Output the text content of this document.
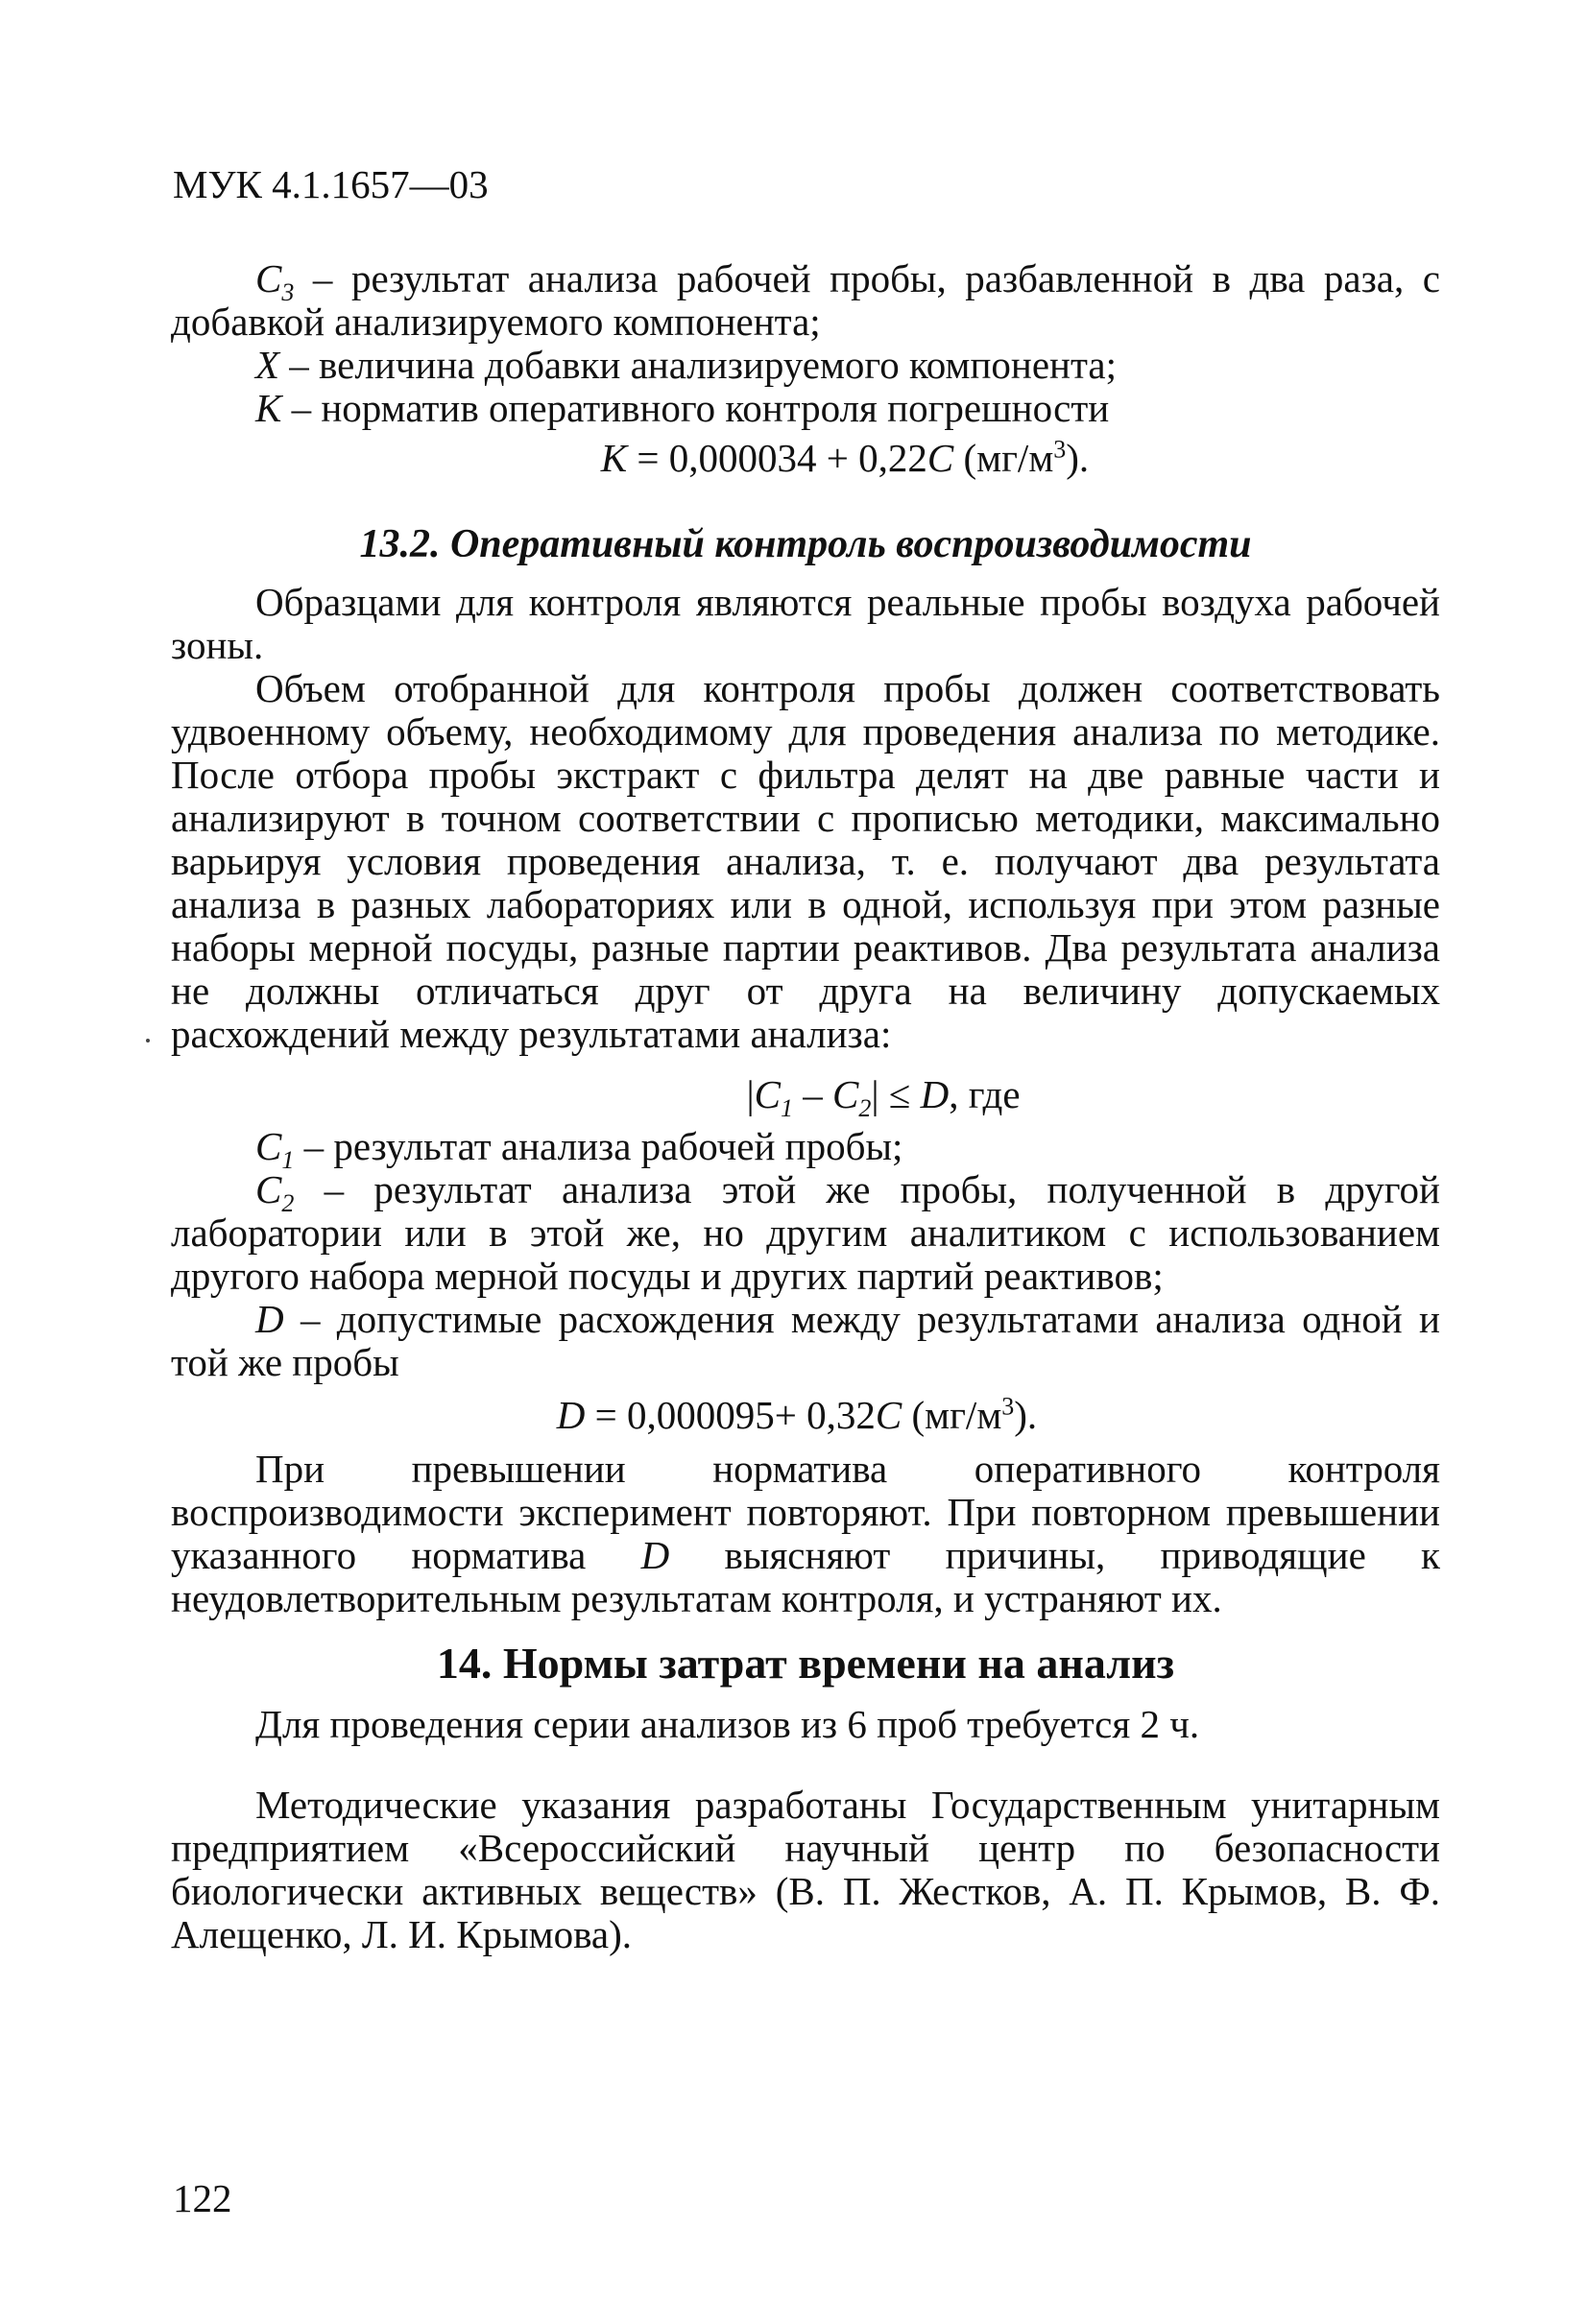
МУК 4.1.1657—03

$C_3$ – результат анализа рабочей пробы, разбавленной в два раза, с добавкой анализируемого компонента;

X – величина добавки анализируемого компонента;

K – норматив оперативного контроля погрешности

K = 0,000034 + 0,22C $(мг/м^3)$.
13.2. Оперативный контроль воспроизводимости

Образцами для контроля являются реальные пробы воздуха рабочей зоны.

Объем отобранной для контроля пробы должен соответствовать удвоенному объему, необходимому для проведения анализа по методике. После отбора пробы экстракт с фильтра делят на две равные части и анализируют в точном соответствии с прописью методики, максимально варьируя условия проведения анализа, т. е. получают два результата анализа в разных лабораториях или в одной, используя при этом разные наборы мерной посуды, разные партии реактивов. Два результата анализа не должны отличаться друг от друга на величину допускаемых расхождений между результатами анализа:

$|C_1 - C_2| \le D$, где

$C_1$ – результат анализа рабочей пробы;

$C_2$ – результат анализа этой же пробы, полученной в другой лаборатории или в этой же, но другим аналитиком с использованием другого набора мерной посуды и других партий реактивов;

D – допустимые расхождения между результатами анализа одной и той же пробы

D = 0,000095+ 0,32C $(мг/м^3)$.

При превышении норматива оперативного контроля воспроизводимости эксперимент повторяют. При повторном превышении указанного норматива D выясняют причины, приводящие к неудовлетворительным результатам контроля, и устраняют их.

14. Нормы затрат времени на анализ

Для проведения серии анализов из 6 проб требуется 2 ч.

Методические указания разработаны Государственным унитарным предприятием «Всероссийский научный центр по безопасности биологически активных веществ» (В. П. Жестков, А. П. Крымов, В. Ф. Алещенко, Л. И. Крымова).

122
